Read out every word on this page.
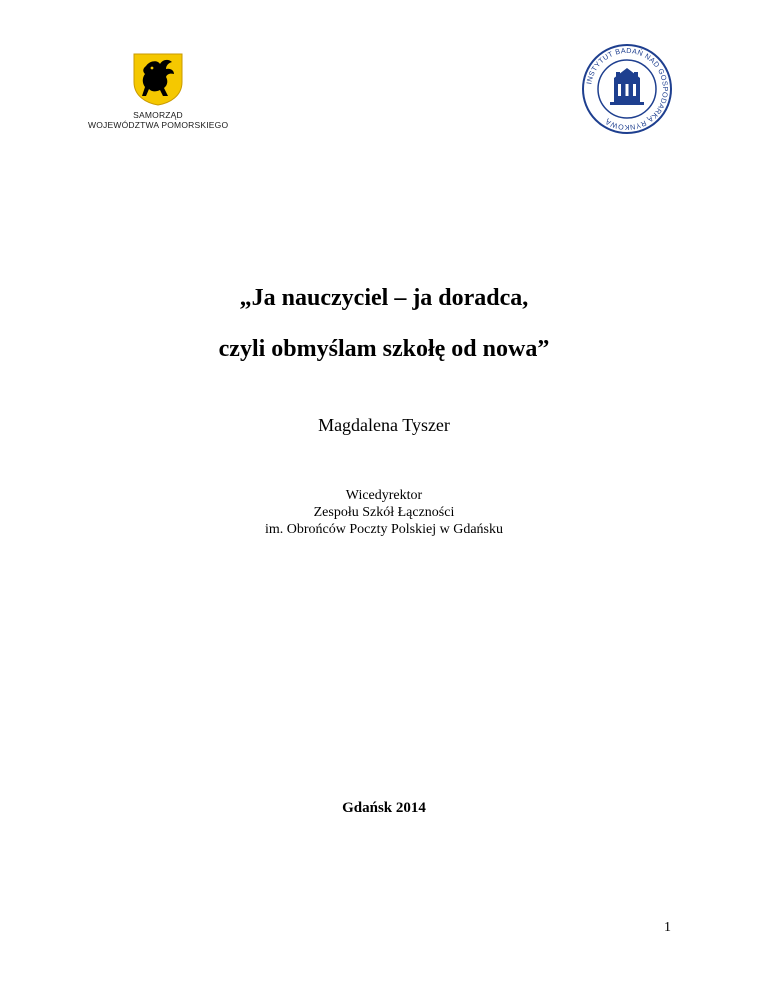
SAMORZĄD
WOJEWÓDZTWA POMORSKIEGO
INSTYTUT BADAŃ NAD GOSPODARKĄ RYNKOWĄ
„Ja nauczyciel – ja doradca,
czyli obmyślam szkołę od nowa”
Magdalena Tyszer
Wicedyrektor
Zespołu Szkół Łączności
im. Obrońców Poczty Polskiej w Gdańsku
Gdańsk 2014
1
